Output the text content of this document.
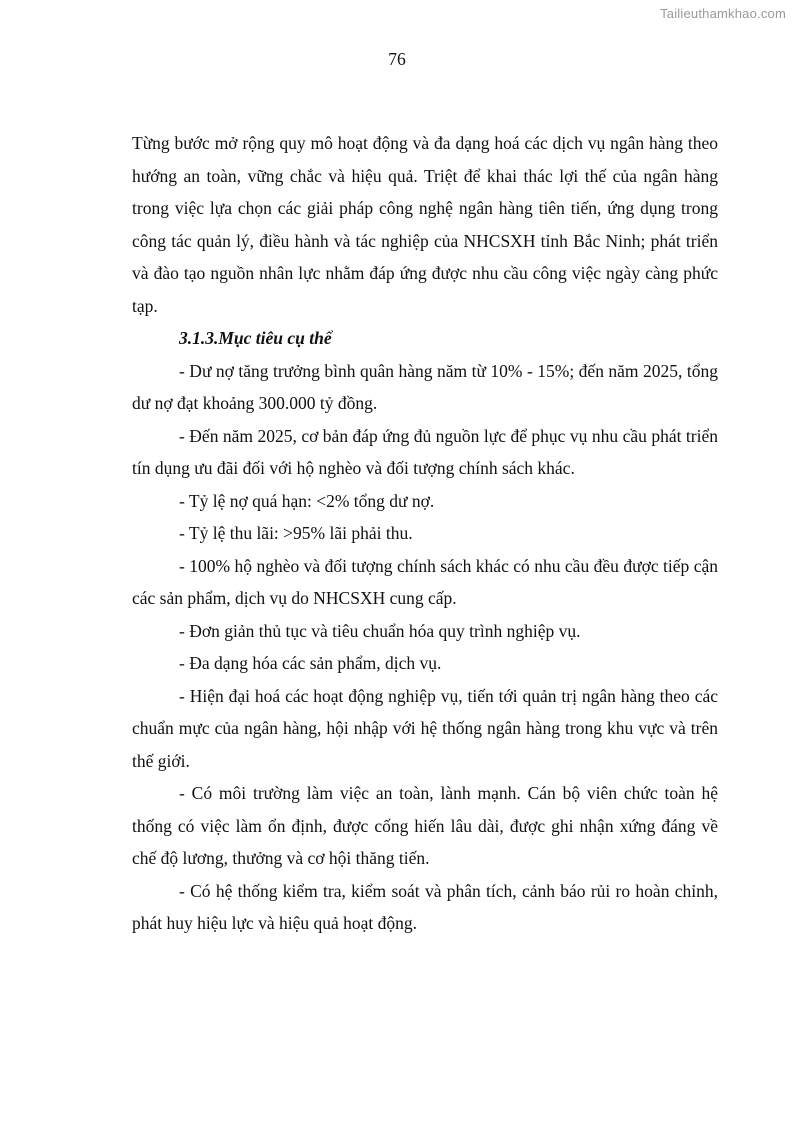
Tailieuthamkhao.com
76

Từng bước mở rộng quy mô hoạt động và đa dạng hoá các dịch vụ ngân hàng theo hướng an toàn, vững chắc và hiệu quả. Triệt để khai thác lợi thế của ngân hàng trong việc lựa chọn các giải pháp công nghệ ngân hàng tiên tiến, ứng dụng trong công tác quản lý, điều hành và tác nghiệp của NHCSXH tỉnh Bắc Ninh; phát triển và đào tạo nguồn nhân lực nhằm đáp ứng được nhu cầu công việc ngày càng phức tạp.

3.1.3.Mục tiêu cụ thể

- Dư nợ tăng trưởng bình quân hàng năm từ 10% - 15%; đến năm 2025, tổng dư nợ đạt khoảng 300.000 tỷ đồng.

- Đến năm 2025, cơ bản đáp ứng đủ nguồn lực để phục vụ nhu cầu phát triển tín dụng ưu đãi đối với hộ nghèo và đối tượng chính sách khác.

- Tỷ lệ nợ quá hạn: <2% tổng dư nợ.

- Tỷ lệ thu lãi: >95% lãi phải thu.

- 100% hộ nghèo và đối tượng chính sách khác có nhu cầu đều được tiếp cận các sản phẩm, dịch vụ do NHCSXH cung cấp.

- Đơn giản thủ tục và tiêu chuẩn hóa quy trình nghiệp vụ.

- Đa dạng hóa các sản phẩm, dịch vụ.

- Hiện đại hoá các hoạt động nghiệp vụ, tiến tới quản trị ngân hàng theo các chuẩn mực của ngân hàng, hội nhập với hệ thống ngân hàng trong khu vực và trên thế giới.

- Có môi trường làm việc an toàn, lành mạnh. Cán bộ viên chức toàn hệ thống có việc làm ổn định, được cống hiến lâu dài, được ghi nhận xứng đáng về chế độ lương, thưởng và cơ hội thăng tiến.

- Có hệ thống kiểm tra, kiểm soát và phân tích, cảnh báo rủi ro hoàn chỉnh, phát huy hiệu lực và hiệu quả hoạt động.
